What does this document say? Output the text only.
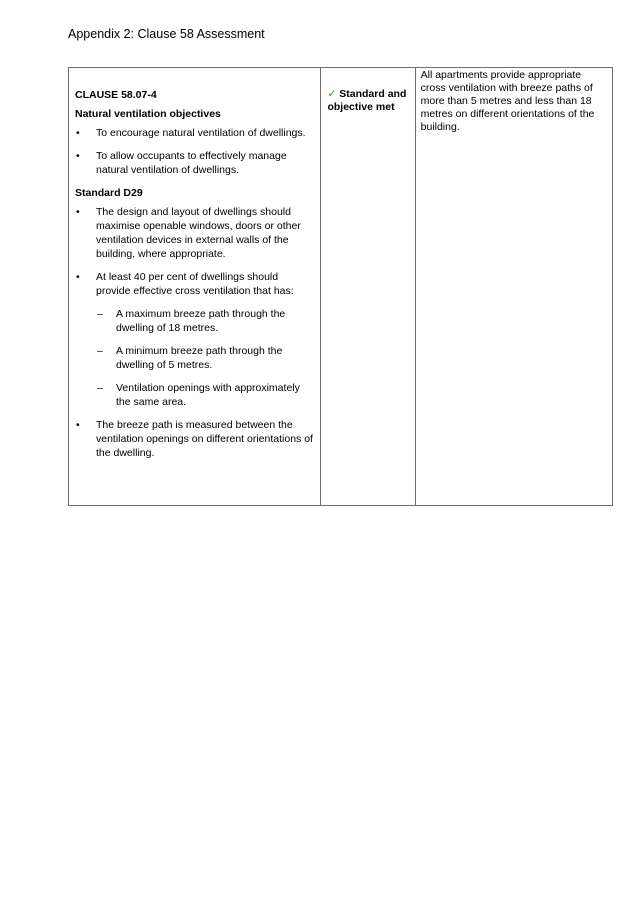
Appendix 2: Clause 58 Assessment
CLAUSE 58.07-4
Natural ventilation objectives
• To encourage natural ventilation of dwellings.
• To allow occupants to effectively manage natural ventilation of dwellings.
Standard D29
• The design and layout of dwellings should maximise openable windows, doors or other ventilation devices in external walls of the building, where appropriate.
• At least 40 per cent of dwellings should provide effective cross ventilation that has:
– A maximum breeze path through the dwelling of 18 metres.
– A minimum breeze path through the dwelling of 5 metres.
– Ventilation openings with approximately the same area.
• The breeze path is measured between the ventilation openings on different orientations of the dwelling.
	✓ Standard and objective met	All apartments provide appropriate cross ventilation with breeze paths of more than 5 metres and less than 18 metres on different orientations of the building.
